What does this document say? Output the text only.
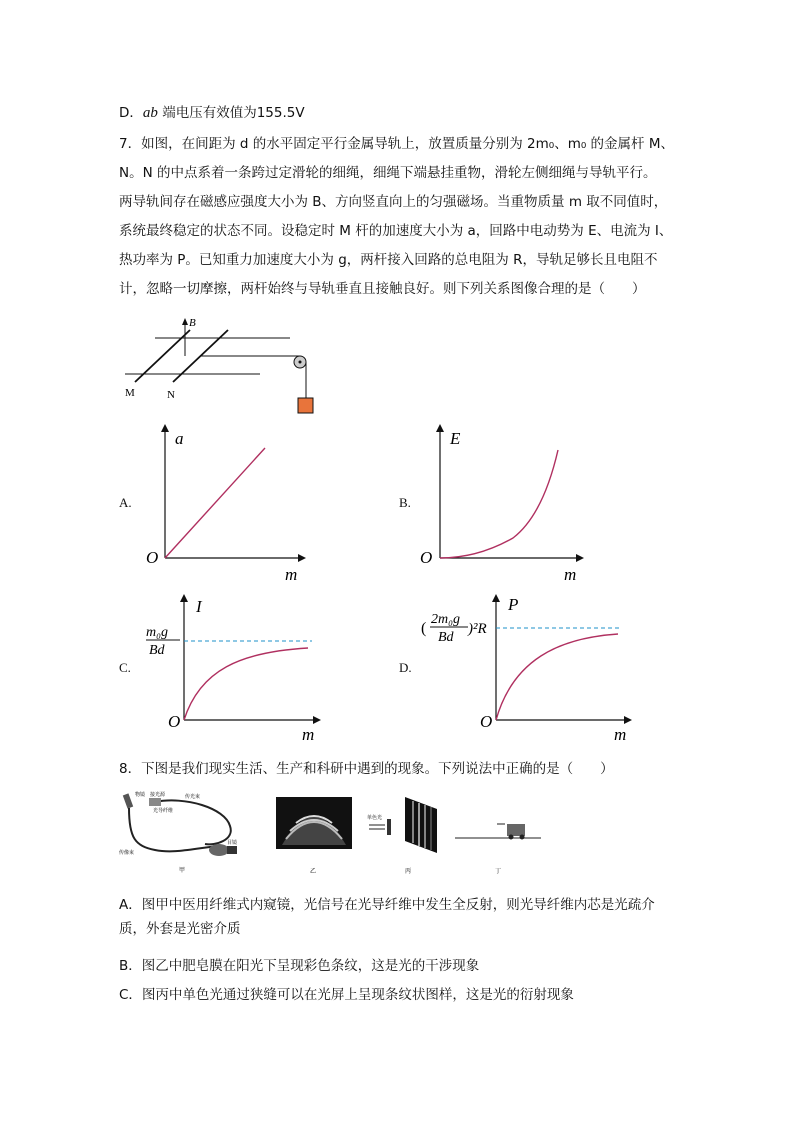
D．ab 端电压有效值为155.5V
7．如图，在间距为 d 的水平固定平行金属导轨上，放置质量分别为 2m₀、m₀ 的金属杆 M、
N。N 的中点系着一条跨过定滑轮的细绳，细绳下端悬挂重物，滑轮左侧细绳与导轨平行。
两导轨间存在磁感应强度大小为 B、方向竖直向上的匀强磁场。当重物质量 m 取不同值时，
系统最终稳定的状态不同。设稳定时 M 杆的加速度大小为 a，回路中电动势为 E、电流为 I、
热功率为 P。已知重力加速度大小为 g，两杆接入回路的总电阻为 R，导轨足够长且电阻不
计，忽略一切摩擦，两杆始终与导轨垂直且接触良好。则下列关系图像合理的是（　　）
B
M	N
A.
a
m
O
B.
E
m
O
C.
I
m
O
m₀g
Bd
D.
P
m
O
(
2m₀g
Bd
)²R
8．下图是我们现实生活、生产和科研中遇到的现象。下列说法中正确的是（　　）
物镜 接光源	传光束
光导纤维
传像束
目镜
甲	乙
单色光
丙	丁
A．图甲中医用纤维式内窥镜，光信号在光导纤维中发生全反射，则光导纤维内芯是光疏介
质，外套是光密介质
B．图乙中肥皂膜在阳光下呈现彩色条纹，这是光的干涉现象
C．图丙中单色光通过狭缝可以在光屏上呈现条纹状图样，这是光的衍射现象
